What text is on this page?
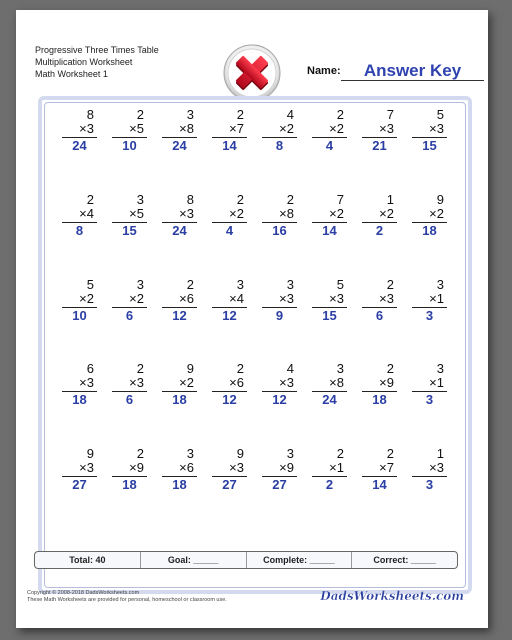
Progressive Three Times Table
Multiplication Worksheet
Math Worksheet 1	Name:	Answer Key
8
×3
24
2
×5
10
3
×8
24
2
×7
14
4
×2
8
2
×2
4
7
×3
21
5
×3
15
2
×4
8
3
×5
15
8
×3
24
2
×2
4
2
×8
16
7
×2
14
1
×2
2
9
×2
18
5
×2
10
3
×2
6
2
×6
12
3
×4
12
3
×3
9
5
×3
15
2
×3
6
3
×1
3
6
×3
18
2
×3
6
9
×2
18
2
×6
12
4
×3
12
3
×8
24
2
×9
18
3
×1
3
9
×3
27
2
×9
18
3
×6
18
9
×3
27
3
×9
27
2
×1
2
2
×7
14
1
×3
3
Total: 40	Goal: _____	Complete: _____	Correct: _____
Copyright © 2008-2018 DadsWorksheets.com
These Math Worksheets are provided for personal, homeschool or classroom use.	DadsWorksheets.com
